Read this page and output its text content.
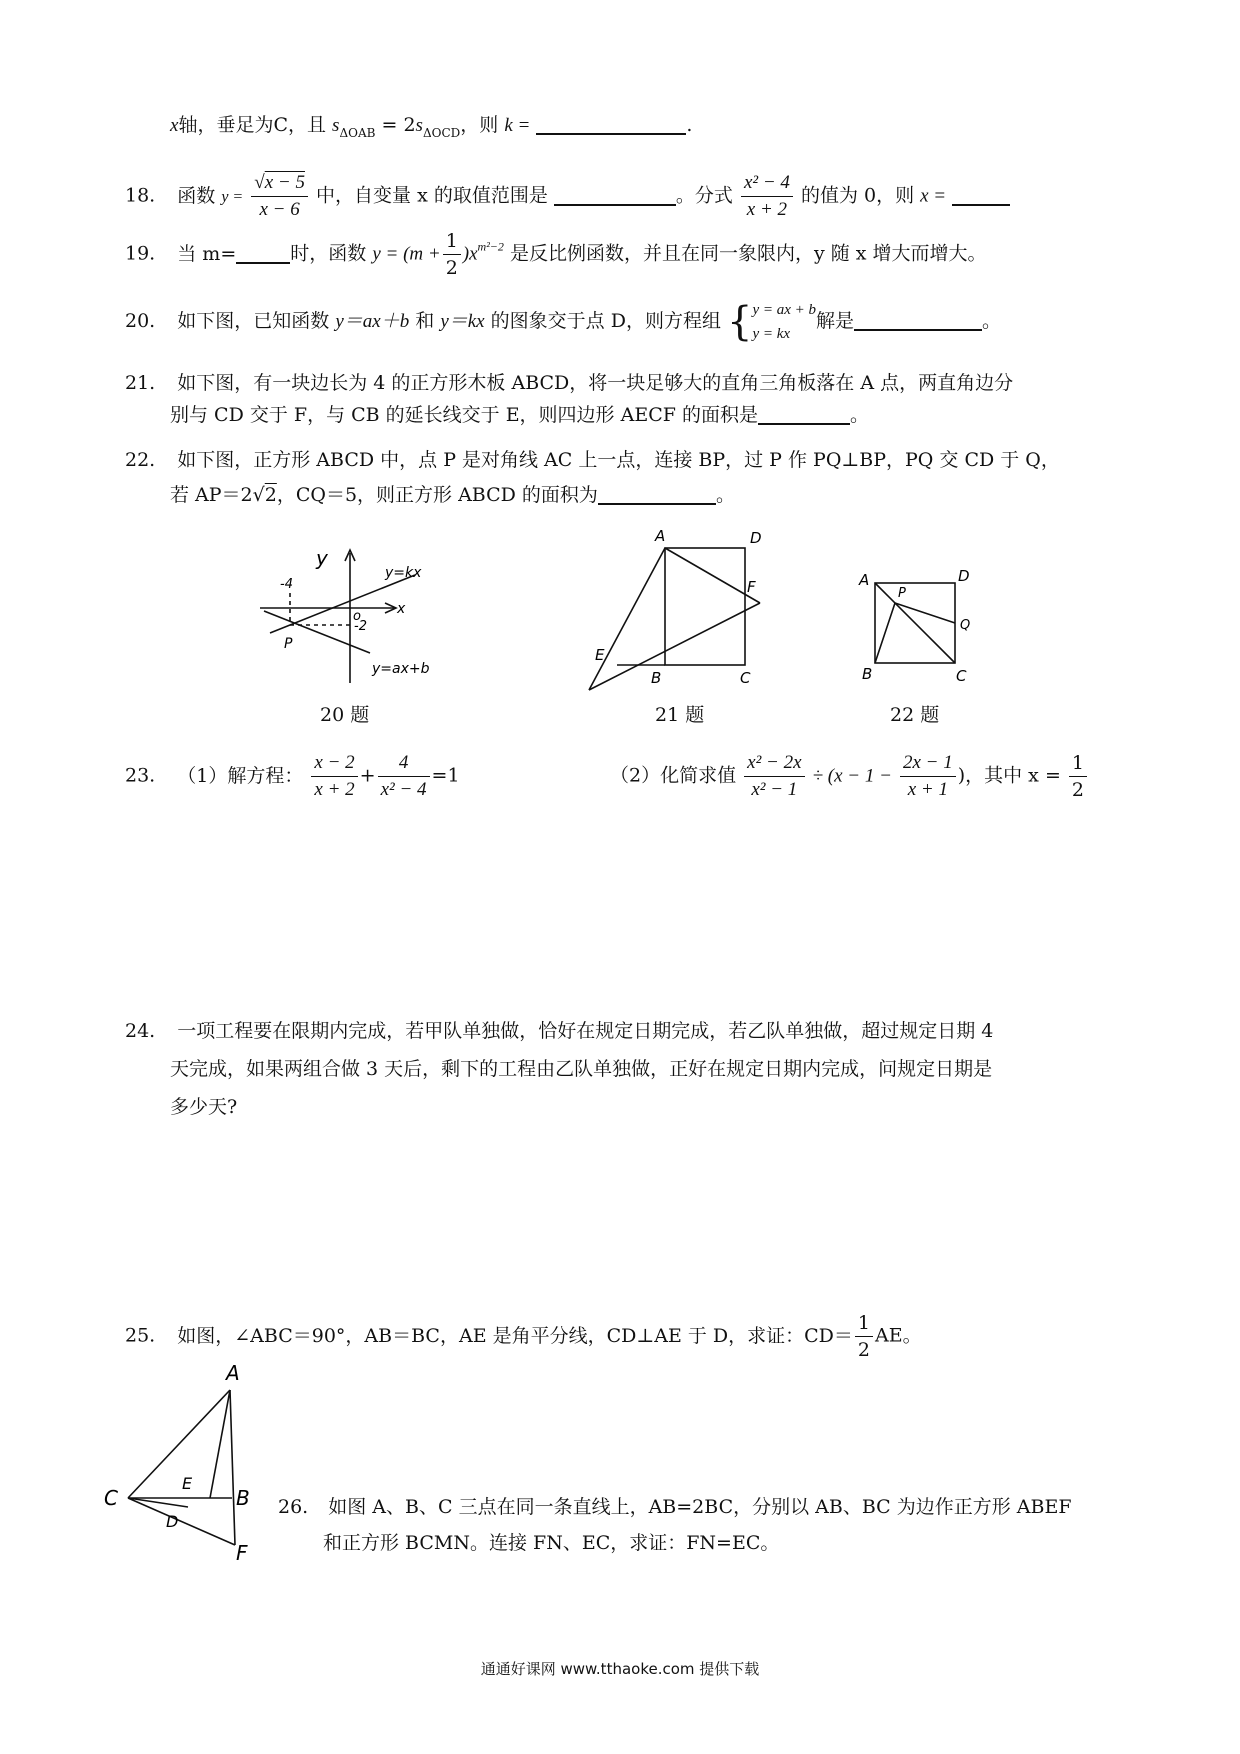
x轴，垂足为C，且 $s_{\Delta OAB} = 2s_{\Delta OCD}$，则 k =	.
18. 函数 $y = \frac{√x - 5}{x - 6}$ 中，自变量 x 的取值范围是	。分式 $\frac{\text{x² − 4}}{x + 2}$ 的值为 0，则 x =
19. 当 m=	时，函数 $y = (m + \frac{1}{2} )x^{m^2-2}$ 是反比例函数，并且在同一象限内，y 随 x 增大而增大。
20. 如下图，已知函数 y＝ax＋b 和 y＝kx 的图象交于点 D，则方程组 { y = ax + b
y = kx
解是	。
21. 如下图，有一块边长为 4 的正方形木板 ABCD，将一块足够大的直角三角板落在 A 点，两直角边分
别与 CD 交于 F，与 CB 的延长线交于 E，则四边形 AECF 的面积是	。
22. 如下图，正方形 ABCD 中，点 P 是对角线 AC 上一点，连接 BP，过 P 作 PQ⊥BP，PQ 交 CD 于 Q，
若 AP＝2√2，CQ＝5，则正方形 ABCD 的面积为	。
y
x
o
-4
-2
P
y=kx
y=ax+b
20 题
A	D
F
B	C
E
21 题
A	D
P
Q
B	C
22 题
23. （1）解方程： $\frac{x - 2}{x + 2} + \frac{4}{\text{x² − 4}} =1$	（2）化简求值 $\frac{\text{x² − 2x}}{\text{x² − 1}} \div (x - 1 - \frac{2x - 1}{x + 1}$ )，其中 $x = \frac{1}{2}$
24. 一项工程要在限期内完成，若甲队单独做，恰好在规定日期完成，若乙队单独做，超过规定日期 4
天完成，如果两组合做 3 天后，剩下的工程由乙队单独做，正好在规定日期内完成，问规定日期是
多少天?
25. 如图，∠ABC＝90°，AB＝BC，AE 是角平分线，CD⊥AE 于 D，求证：$CD= \frac{1}{2}$ AE。
A
C	B
E
D
F
26. 如图 A、B、C 三点在同一条直线上，AB=2BC，分别以 AB、BC 为边作正方形 ABEF
和正方形 BCMN。连接 FN、EC，求证：FN=EC。
通通好课网 www.tthaoke.com 提供下载
